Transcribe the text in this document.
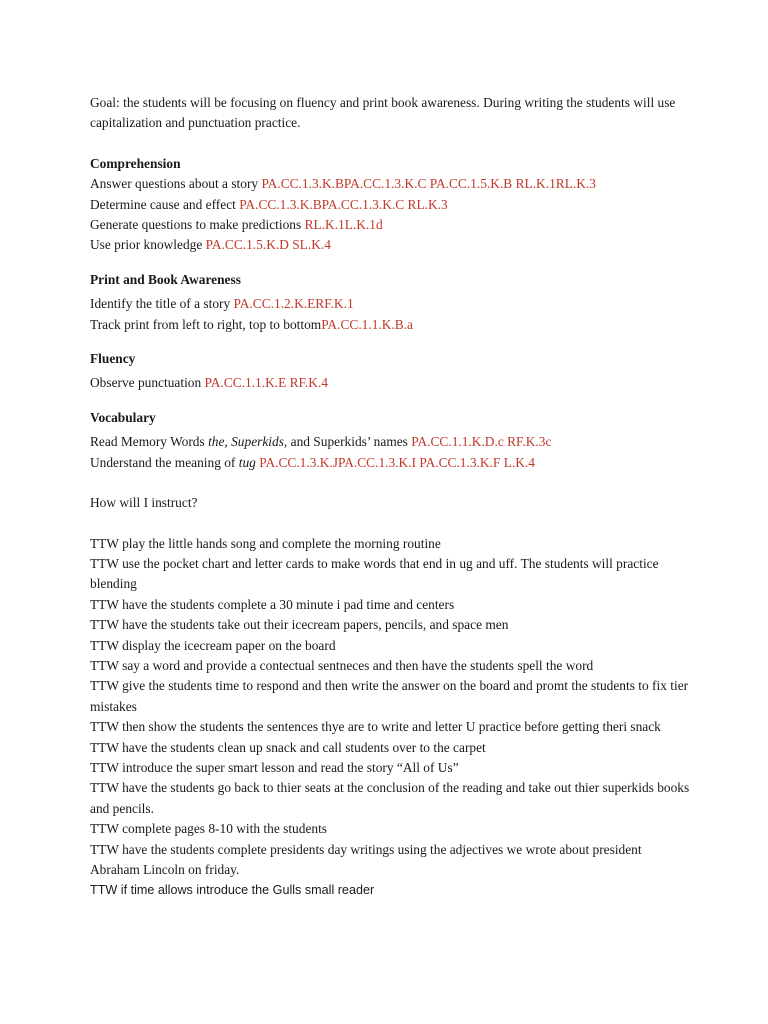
Goal: the students will be focusing on fluency and print book awareness. During writing the students will use capitalization and punctuation practice.

Comprehension
Answer questions about a story PA.CC.1.3.K.BPA.CC.1.3.K.C PA.CC.1.5.K.B RL.K.1RL.K.3
Determine cause and effect PA.CC.1.3.K.BPA.CC.1.3.K.C RL.K.3
Generate questions to make predictions RL.K.1L.K.1d
Use prior knowledge PA.CC.1.5.K.D SL.K.4
Print and Book Awareness
Identify the title of a story PA.CC.1.2.K.ERF.K.1
Track print from left to right, top to bottomPA.CC.1.1.K.B.a
Fluency
Observe punctuation PA.CC.1.1.K.E RF.K.4
Vocabulary
Read Memory Words the, Superkids, and Superkids’ names PA.CC.1.1.K.D.c RF.K.3c
Understand the meaning of tug PA.CC.1.3.K.JPA.CC.1.3.K.I PA.CC.1.3.K.F L.K.4

How will I instruct?

TTW play the little hands song and complete the morning routine
TTW use the pocket chart and letter cards to make words that end in ug and uff. The students will practice blending
TTW have the students complete a 30 minute i pad time and centers
TTW have the students take out their icecream papers, pencils, and space men
TTW display the icecream paper on the board
TTW say a word and provide a contectual sentneces and then have the students spell the word
TTW give the students time to respond and then write the answer on the board and promt the students to fix tier mistakes
TTW then show the students the sentences thye are to write and letter U practice before getting theri snack
TTW have the students clean up snack and call students over to the carpet
TTW introduce the super smart lesson and read the story “All of Us”
TTW have the students go back to thier seats at the conclusion of the reading and take out thier superkids books and pencils.
TTW complete pages 8-10 with the students
TTW have the students complete presidents day writings using the adjectives we wrote about president Abraham Lincoln on friday.
TTW if time allows introduce the Gulls small reader
